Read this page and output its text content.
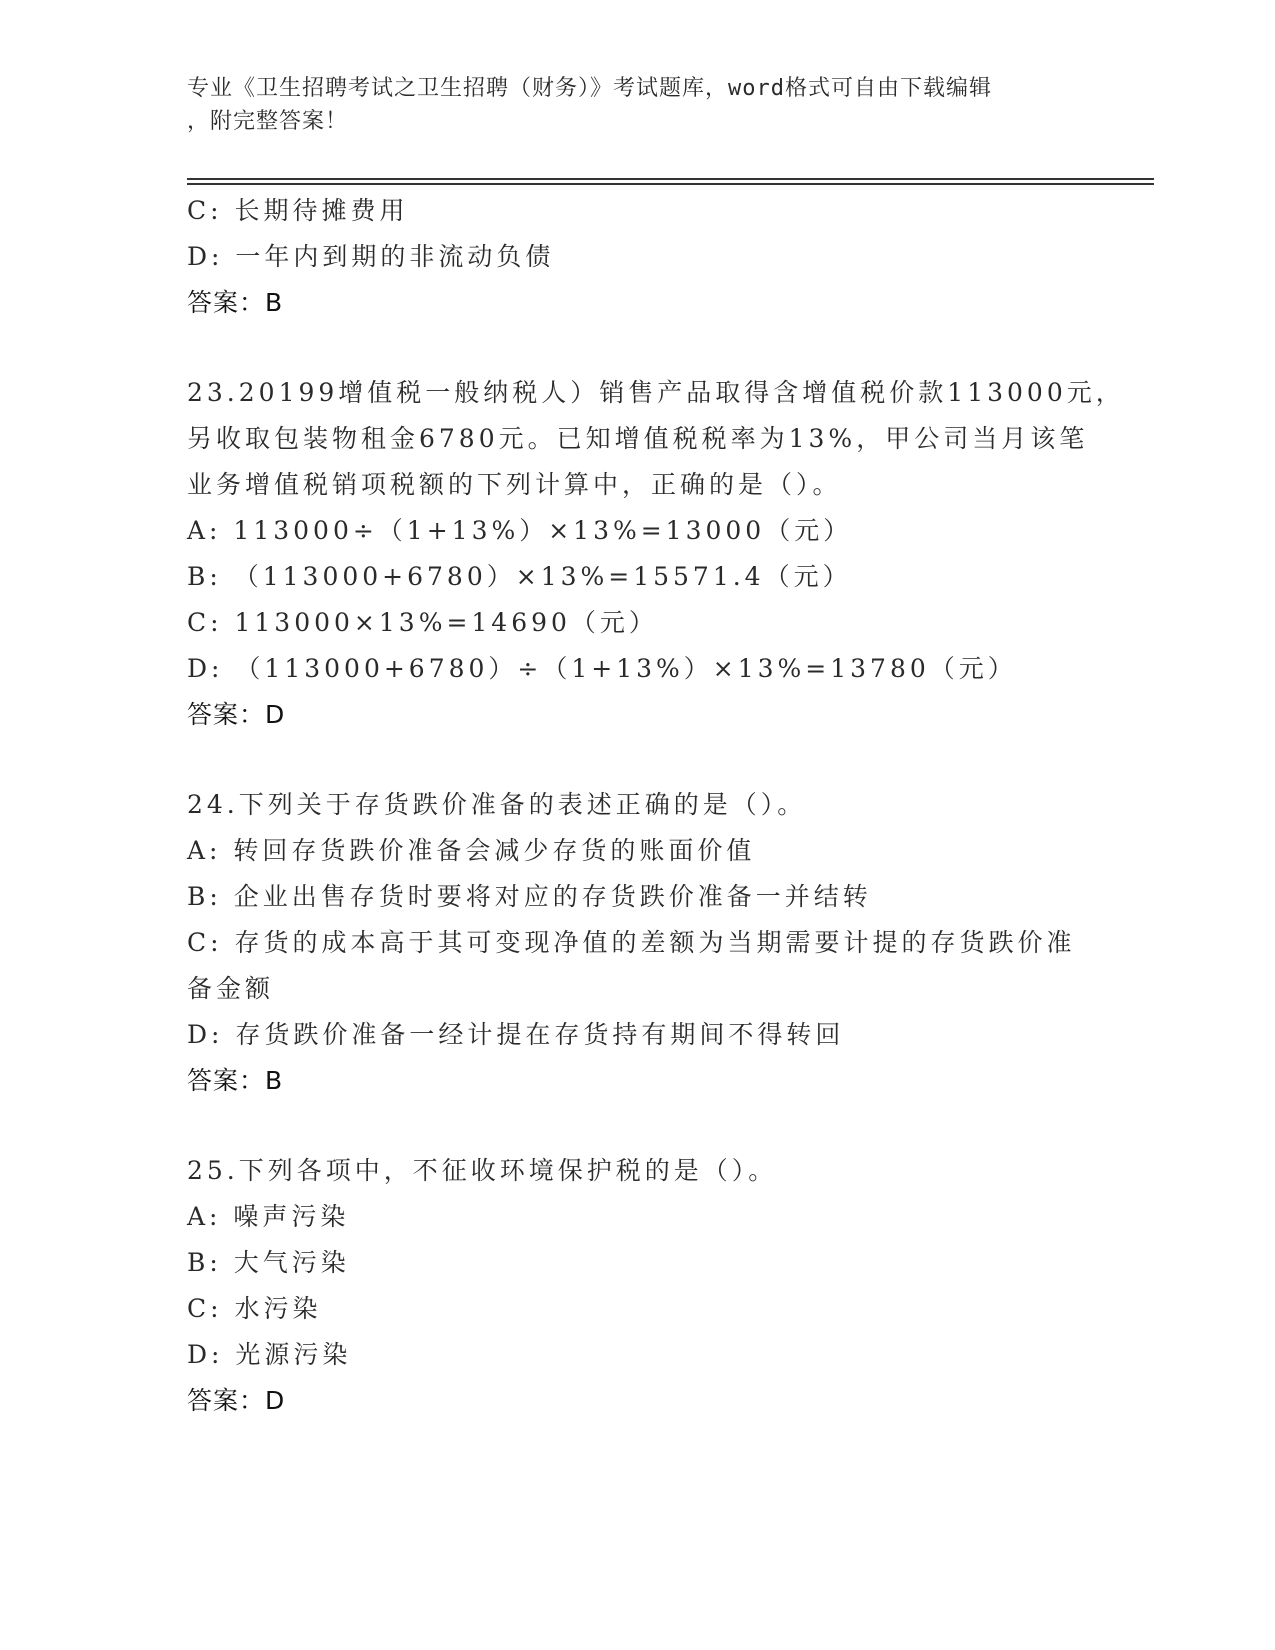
专业《卫生招聘考试之卫生招聘（财务）》考试题库，word格式可自由下载编辑
，附完整答案！
C: 长期待摊费用
D: 一年内到期的非流动负债
答案：B
23.20199增值税一般纳税人）销售产品取得含增值税价款113000元，
另收取包装物租金6780元。已知增值税税率为13%，甲公司当月该笔
业务增值税销项税额的下列计算中，正确的是（）。
A: 113000÷（1+13%）×13%=13000（元）
B: （113000+6780）×13%=15571.4（元）
C: 113000×13%=14690（元）
D: （113000+6780）÷（1+13%）×13%=13780（元）
答案：D
24.下列关于存货跌价准备的表述正确的是（）。
A: 转回存货跌价准备会减少存货的账面价值
B: 企业出售存货时要将对应的存货跌价准备一并结转
C: 存货的成本高于其可变现净值的差额为当期需要计提的存货跌价准
备金额
D: 存货跌价准备一经计提在存货持有期间不得转回
答案：B
25.下列各项中，不征收环境保护税的是（）。
A: 噪声污染
B: 大气污染
C: 水污染
D: 光源污染
答案：D
